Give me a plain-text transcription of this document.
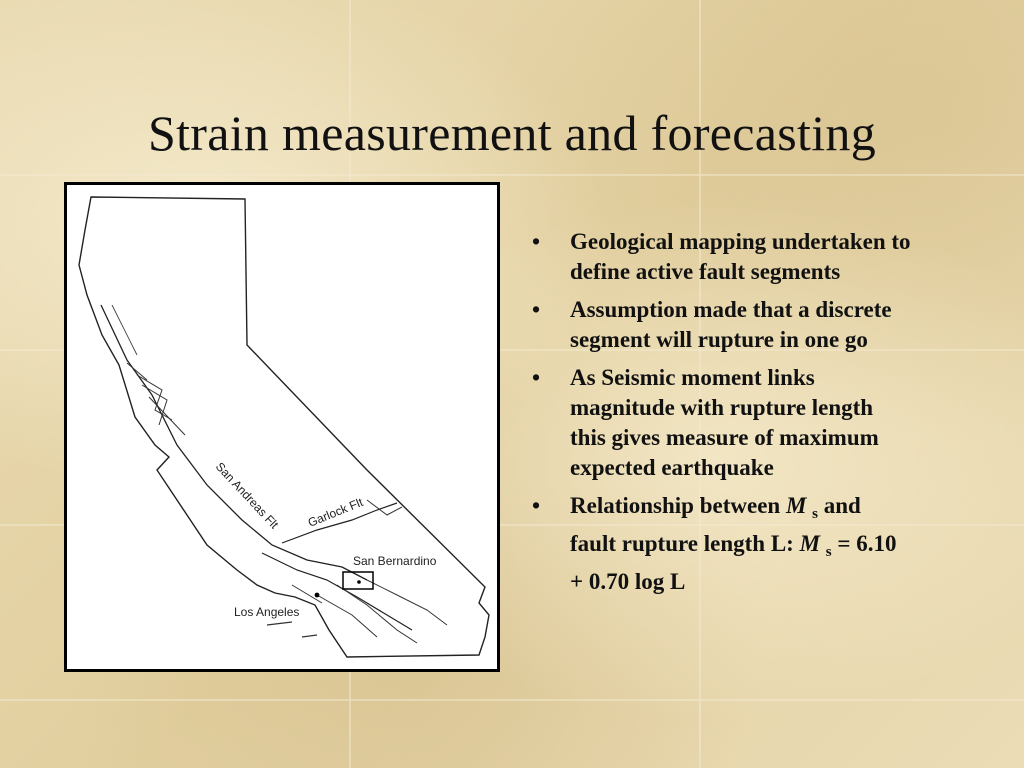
Strain measurement and forecasting
San Andreas Flt Garlock Flt
San Bernardino
Los Angeles
•	Geological mapping undertaken to define active fault segments
•	Assumption made that a discrete segment will rupture in one go
•	As Seismic moment links magnitude with rupture length this gives measure of maximum expected earthquake
•	Relationship between M $_s$ and fault rupture length L: M $_s$ = 6.10 + 0.70 log L
